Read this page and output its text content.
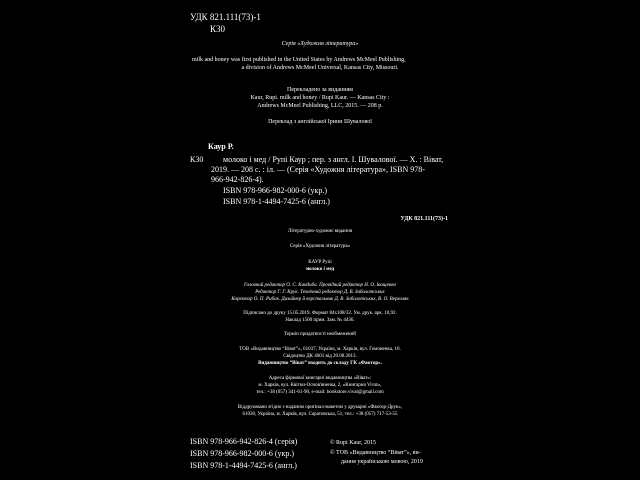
УДК 821.111(73)-1
К30
Серія «Художня література»
milk and honey was first published in the United States by Andrews McMeel Publishing,
a division of Andrews McMeel Universal, Kansas City, Missouri.
Перекладено за виданням
Kaur, Rupi. milk and honey / Rupi Kaur. — Kansas City :
Andrews McMeel Publishing, LLC, 2015. — 208 p.
Переклад з англійської Ірини Шувалової
Каур Р.
К30 молоко і мед / Рупі Каур ; пер. з англ. І. Шувалової. — Х. : Віват,
2019. — 208 с. : іл. — (Серія «Художня література», ISBN 978-
966-942-826-4).
ISBN 978-966-982-000-6 (укр.)
ISBN 978-1-4494-7425-6 (англ.)
УДК 821.111(73)-1
Літературно-художнє видання
Серія «Художня література»
КАУР Рупі
молоко і мед
Головний редактор О. С. Кандиба. Провідний редактор Н. О. Іващенко
Редактор Г. Г. Крук. Технічний редактор Д. В. Заболотських
Коректор О. П. Рибак. Дизайнер й верстальник Д. В. Заболотських, В. О. Верхоляк
Підписано до друку 15.05.2019. Формат 84х108/32. Ум. друк. арк. 10,92.
Наклад 1500 прим. Зам. № 4436.
Термін придатності необмежений
ТОВ «Видавництво “Віват”», 61037, Україна, м. Харків, вул. Гомоненка, 10.
Свідоцтво ДК 4601 від 20.08.2013.
Видавництво “Віват” входить до складу ГК «Фактор».
Адреса фірмової книгарні видавництва «Віват»:
м. Харків, вул. Квітки-Основ'яненка, 2, «Книгарня Vivat»,
тел.: +38 (057) 341-61-90, e-mail: bookstore.vivat@gmail.com
Віддруковано згідно з наданим оригінал-макетом у друкарні «Фактор-Друк»,
61030, Україна, м. Харків, вул. Саратовська, 51, тел.: +38 (057) 717-53-55
ISBN 978-966-942-826-4 (серія)
ISBN 978-966-982-000-6 (укр.)
ISBN 978-1-4494-7425-6 (англ.)
© Rupi Kaur, 2015
© ТОВ «Видавництво “Віват”», ви-
дання українською мовою, 2019
